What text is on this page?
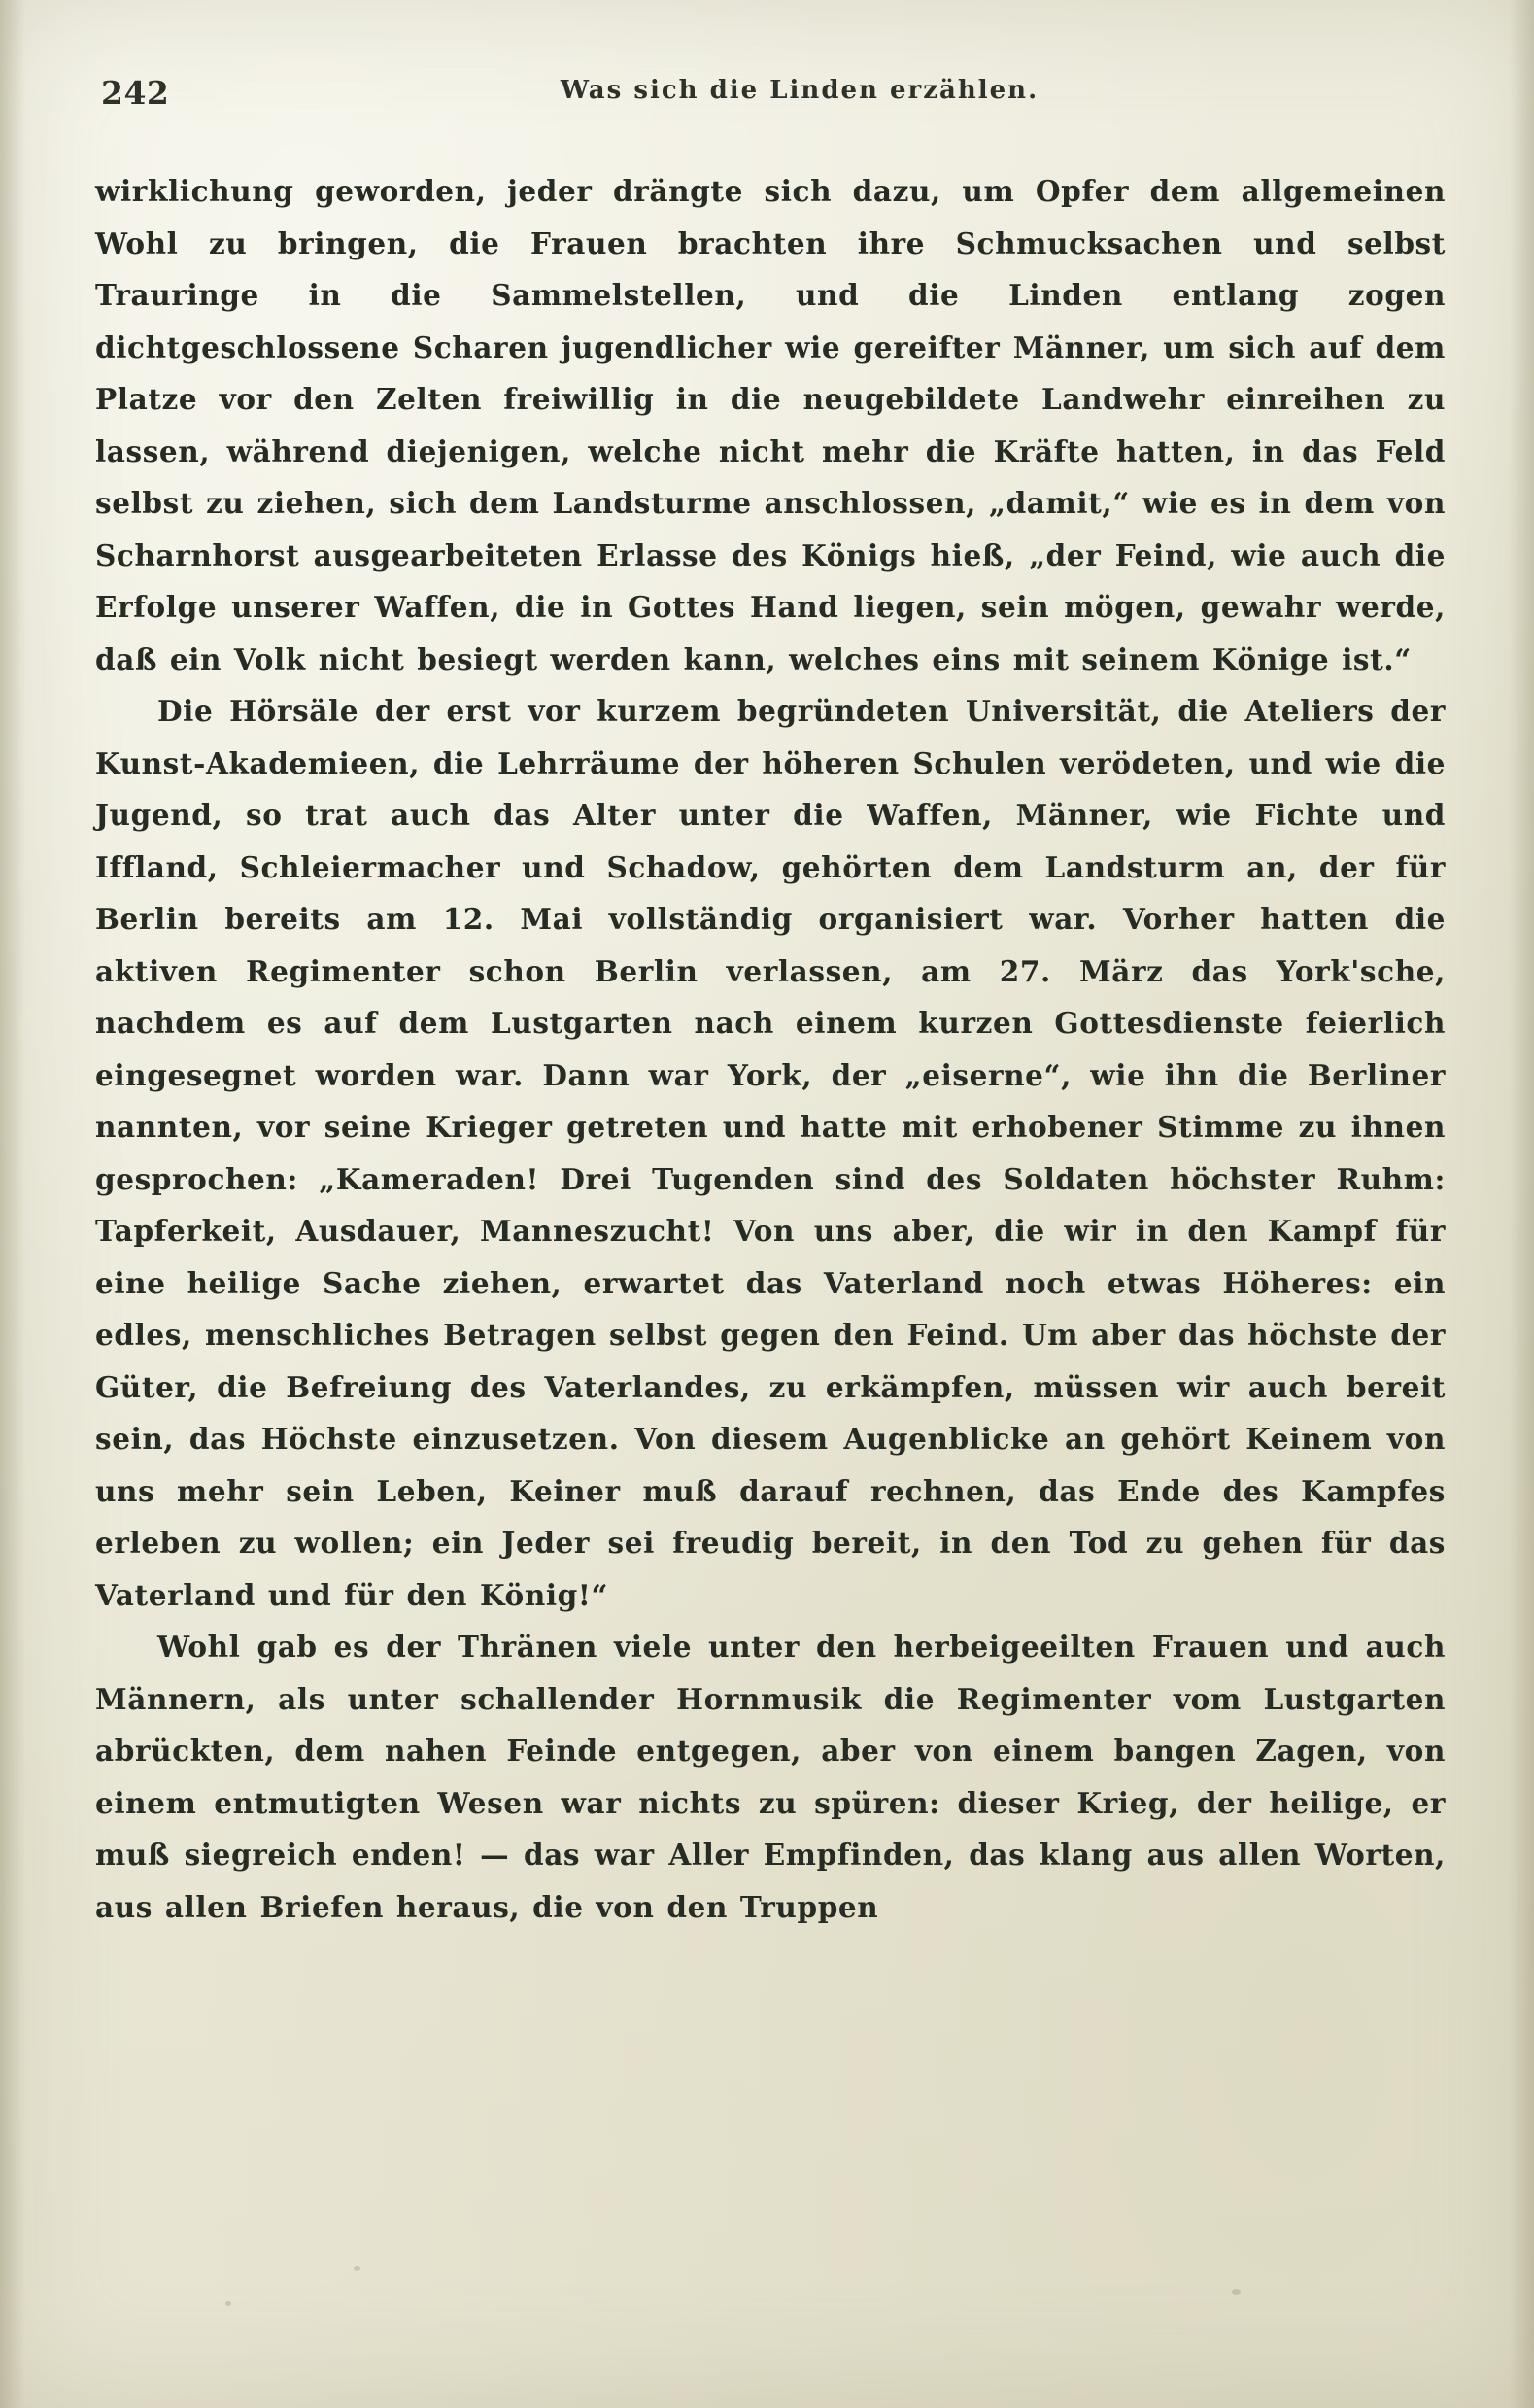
242	Was sich die Linden erzählen.

wirklichung geworden, jeder drängte sich dazu, um Opfer dem allgemeinen Wohl zu bringen, die Frauen brachten ihre Schmucksachen und selbst Trauringe in die Sammelstellen, und die Linden entlang zogen dichtgeschlossene Scharen jugendlicher wie gereifter Männer, um sich auf dem Platze vor den Zelten freiwillig in die neugebildete Landwehr einreihen zu lassen, während diejenigen, welche nicht mehr die Kräfte hatten, in das Feld selbst zu ziehen, sich dem Landsturme anschlossen, „damit,“ wie es in dem von Scharnhorst ausgearbeiteten Erlasse des Königs hieß, „der Feind, wie auch die Erfolge unserer Waffen, die in Gottes Hand liegen, sein mögen, gewahr werde, daß ein Volk nicht besiegt werden kann, welches eins mit seinem Könige ist.“

Die Hörsäle der erst vor kurzem begründeten Universität, die Ateliers der Kunst-Akademieen, die Lehrräume der höheren Schulen verödeten, und wie die Jugend, so trat auch das Alter unter die Waffen, Männer, wie Fichte und Iffland, Schleiermacher und Schadow, gehörten dem Landsturm an, der für Berlin bereits am 12. Mai vollständig organisiert war. Vorher hatten die aktiven Regimenter schon Berlin verlassen, am 27. März das York'sche, nachdem es auf dem Lustgarten nach einem kurzen Gottesdienste feierlich eingesegnet worden war. Dann war York, der „eiserne“, wie ihn die Berliner nannten, vor seine Krieger getreten und hatte mit erhobener Stimme zu ihnen gesprochen: „Kameraden! Drei Tugenden sind des Soldaten höchster Ruhm: Tapferkeit, Ausdauer, Manneszucht! Von uns aber, die wir in den Kampf für eine heilige Sache ziehen, erwartet das Vaterland noch etwas Höheres: ein edles, menschliches Betragen selbst gegen den Feind. Um aber das höchste der Güter, die Befreiung des Vaterlandes, zu erkämpfen, müssen wir auch bereit sein, das Höchste einzusetzen. Von diesem Augenblicke an gehört Keinem von uns mehr sein Leben, Keiner muß darauf rechnen, das Ende des Kampfes erleben zu wollen; ein Jeder sei freudig bereit, in den Tod zu gehen für das Vaterland und für den König!“

Wohl gab es der Thränen viele unter den herbeigeeilten Frauen und auch Männern, als unter schallender Hornmusik die Regimenter vom Lustgarten abrückten, dem nahen Feinde entgegen, aber von einem bangen Zagen, von einem entmutigten Wesen war nichts zu spüren: dieser Krieg, der heilige, er muß siegreich enden! — das war Aller Empfinden, das klang aus allen Worten, aus allen Briefen heraus, die von den Truppen
